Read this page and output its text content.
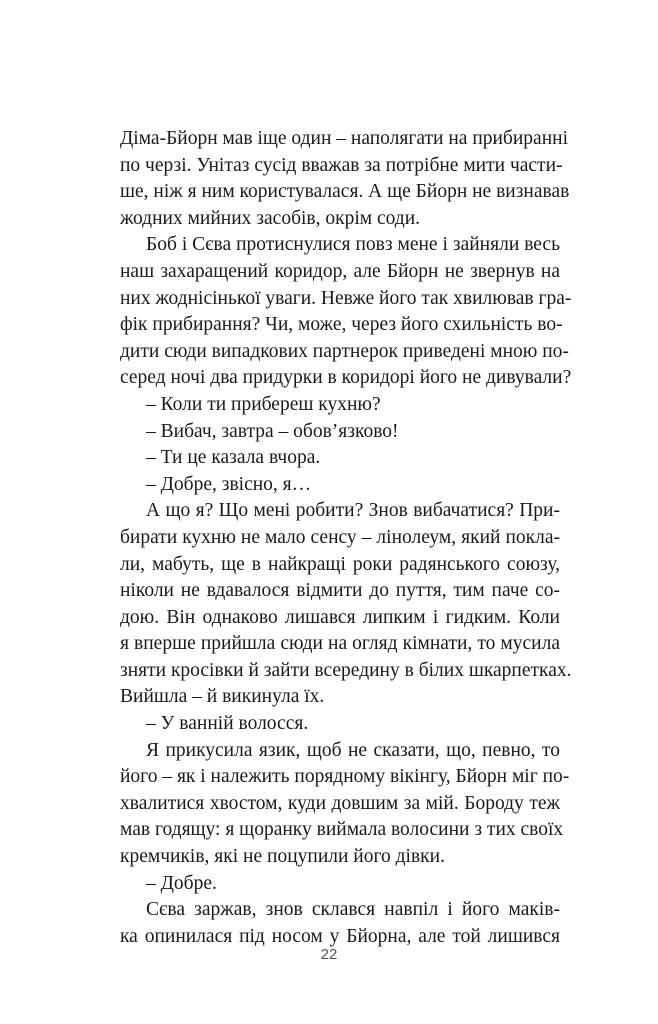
Діма-Бйорн мав іще один – наполягати на прибиранні
по черзі. Унітаз сусід вважав за потрібне мити части-
ше, ніж я ним користувалася. А ще Бйорн не визнавав
жодних мийних засобів, окрім соди.
Боб і Сєва протиснулися повз мене і зайняли весь
наш захаращений коридор, але Бйорн не звернув на
них жоднісінької уваги. Невже його так хвилював гра-
фік прибирання? Чи, може, через його схильність во-
дити сюди випадкових партнерок приведені мною по-
серед ночі два придурки в коридорі його не дивували?
– Коли ти прибереш кухню?
– Вибач, завтра – обов’язково!
– Ти це казала вчора.
– Добре, звісно, я…
А що я? Що мені робити? Знов вибачатися? При-
бирати кухню не мало сенсу – лінолеум, який покла-
ли, мабуть, ще в найкращі роки радянського союзу,
ніколи не вдавалося відмити до пуття, тим паче со-
дою. Він однаково лишався липким і гидким. Коли
я вперше прийшла сюди на огляд кімнати, то мусила
зняти кросівки й зайти всередину в білих шкарпетках.
Вийшла – й викинула їх.
– У ванній волосся.
Я прикусила язик, щоб не сказати, що, певно, то
його – як і належить порядному вікінгу, Бйорн міг по-
хвалитися хвостом, куди довшим за мій. Бороду теж
мав годящу: я щоранку виймала волосини з тих своїх
кремчиків, які не поцупили його дівки.
– Добре.
Сєва заржав, знов склався навпіл і його маків-
ка опинилася під носом у Бйорна, але той лишився
22
